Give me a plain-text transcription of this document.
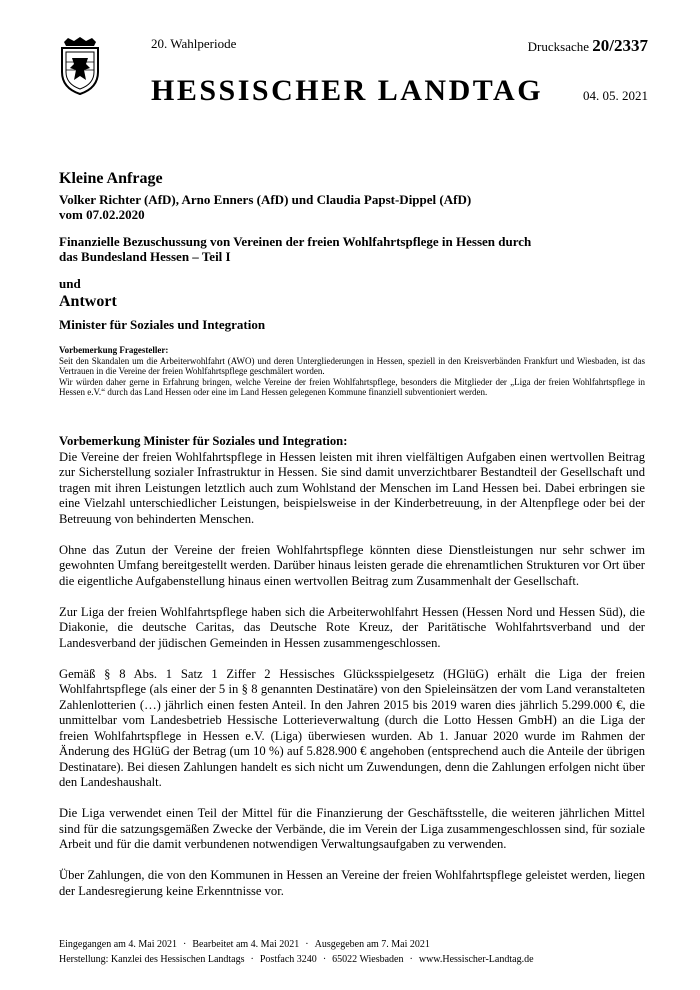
20. Wahlperiode	Drucksache 20/2337
HESSISCHER LANDTAG	04. 05. 2021
Kleine Anfrage

Volker Richter (AfD), Arno Enners (AfD) und Claudia Papst-Dippel (AfD)

vom 07.02.2020

Finanzielle Bezuschussung von Vereinen der freien Wohlfahrtspflege in Hessen durch

das Bundesland Hessen – Teil I

und

Antwort

Minister für Soziales und Integration

Vorbemerkung Fragesteller:

Seit den Skandalen um die Arbeiterwohlfahrt (AWO) und deren Untergliederungen in Hessen, speziell in den Kreisverbänden Frankfurt und Wiesbaden, ist das Vertrauen in die Vereine der freien Wohlfahrtspflege geschmälert worden.

Wir würden daher gerne in Erfahrung bringen, welche Vereine der freien Wohlfahrtspflege, besonders die Mitglieder der „Liga der freien Wohlfahrtspflege in Hessen e.V.“ durch das Land Hessen oder eine im Land Hessen gelegenen Kommune finanziell subventioniert werden.

Vorbemerkung Minister für Soziales und Integration:

Die Vereine der freien Wohlfahrtspflege in Hessen leisten mit ihren vielfältigen Aufgaben einen wertvollen Beitrag zur Sicherstellung sozialer Infrastruktur in Hessen. Sie sind damit unverzichtbarer Bestandteil der Gesellschaft und tragen mit ihren Leistungen letztlich auch zum Wohlstand der Menschen im Land Hessen bei. Dabei erbringen sie eine Vielzahl unterschiedlicher Leistungen, beispielsweise in der Kinderbetreuung, in der Altenpflege oder bei der Betreuung von behinderten Menschen.

Ohne das Zutun der Vereine der freien Wohlfahrtspflege könnten diese Dienstleistungen nur sehr schwer im gewohnten Umfang bereitgestellt werden. Darüber hinaus leisten gerade die ehrenamtlichen Strukturen vor Ort über die eigentliche Aufgabenstellung hinaus einen wertvollen Beitrag zum Zusammenhalt der Gesellschaft.

Zur Liga der freien Wohlfahrtspflege haben sich die Arbeiterwohlfahrt Hessen (Hessen Nord und Hessen Süd), die Diakonie, die deutsche Caritas, das Deutsche Rote Kreuz, der Paritätische Wohlfahrtsverband und der Landesverband der jüdischen Gemeinden in Hessen zusammengeschlossen.

Gemäß § 8 Abs. 1 Satz 1 Ziffer 2 Hessisches Glücksspielgesetz (HGlüG) erhält die Liga der freien Wohlfahrtspflege (als einer der 5 in § 8 genannten Destinatäre) von den Spieleinsätzen der vom Land veranstalteten Zahlenlotterien (…) jährlich einen festen Anteil. In den Jahren 2015 bis 2019 waren dies jährlich 5.299.000 €, die unmittelbar vom Landesbetrieb Hessische Lotterieverwaltung (durch die Lotto Hessen GmbH) an die Liga der freien Wohlfahrtspflege in Hessen e.V. (Liga) überwiesen wurden. Ab 1. Januar 2020 wurde im Rahmen der Änderung des HGlüG der Betrag (um 10 %) auf 5.828.900 € angehoben (entsprechend auch die Anteile der übrigen Destinatare). Bei diesen Zahlungen handelt es sich nicht um Zuwendungen, denn die Zahlungen erfolgen nicht über den Landeshaushalt.

Die Liga verwendet einen Teil der Mittel für die Finanzierung der Geschäftsstelle, die weiteren jährlichen Mittel sind für die satzungsgemäßen Zwecke der Verbände, die im Verein der Liga zusammengeschlossen sind, für soziale Arbeit und für die damit verbundenen notwendigen Verwaltungsaufgaben zu verwenden.

Über Zahlungen, die von den Kommunen in Hessen an Vereine der freien Wohlfahrtspflege geleistet werden, liegen der Landesregierung keine Erkenntnisse vor.

Eingegangen am 4. Mai 2021 · Bearbeitet am 4. Mai 2021 · Ausgegeben am 7. Mai 2021
Herstellung: Kanzlei des Hessischen Landtags · Postfach 3240 · 65022 Wiesbaden · www.Hessischer-Landtag.de
